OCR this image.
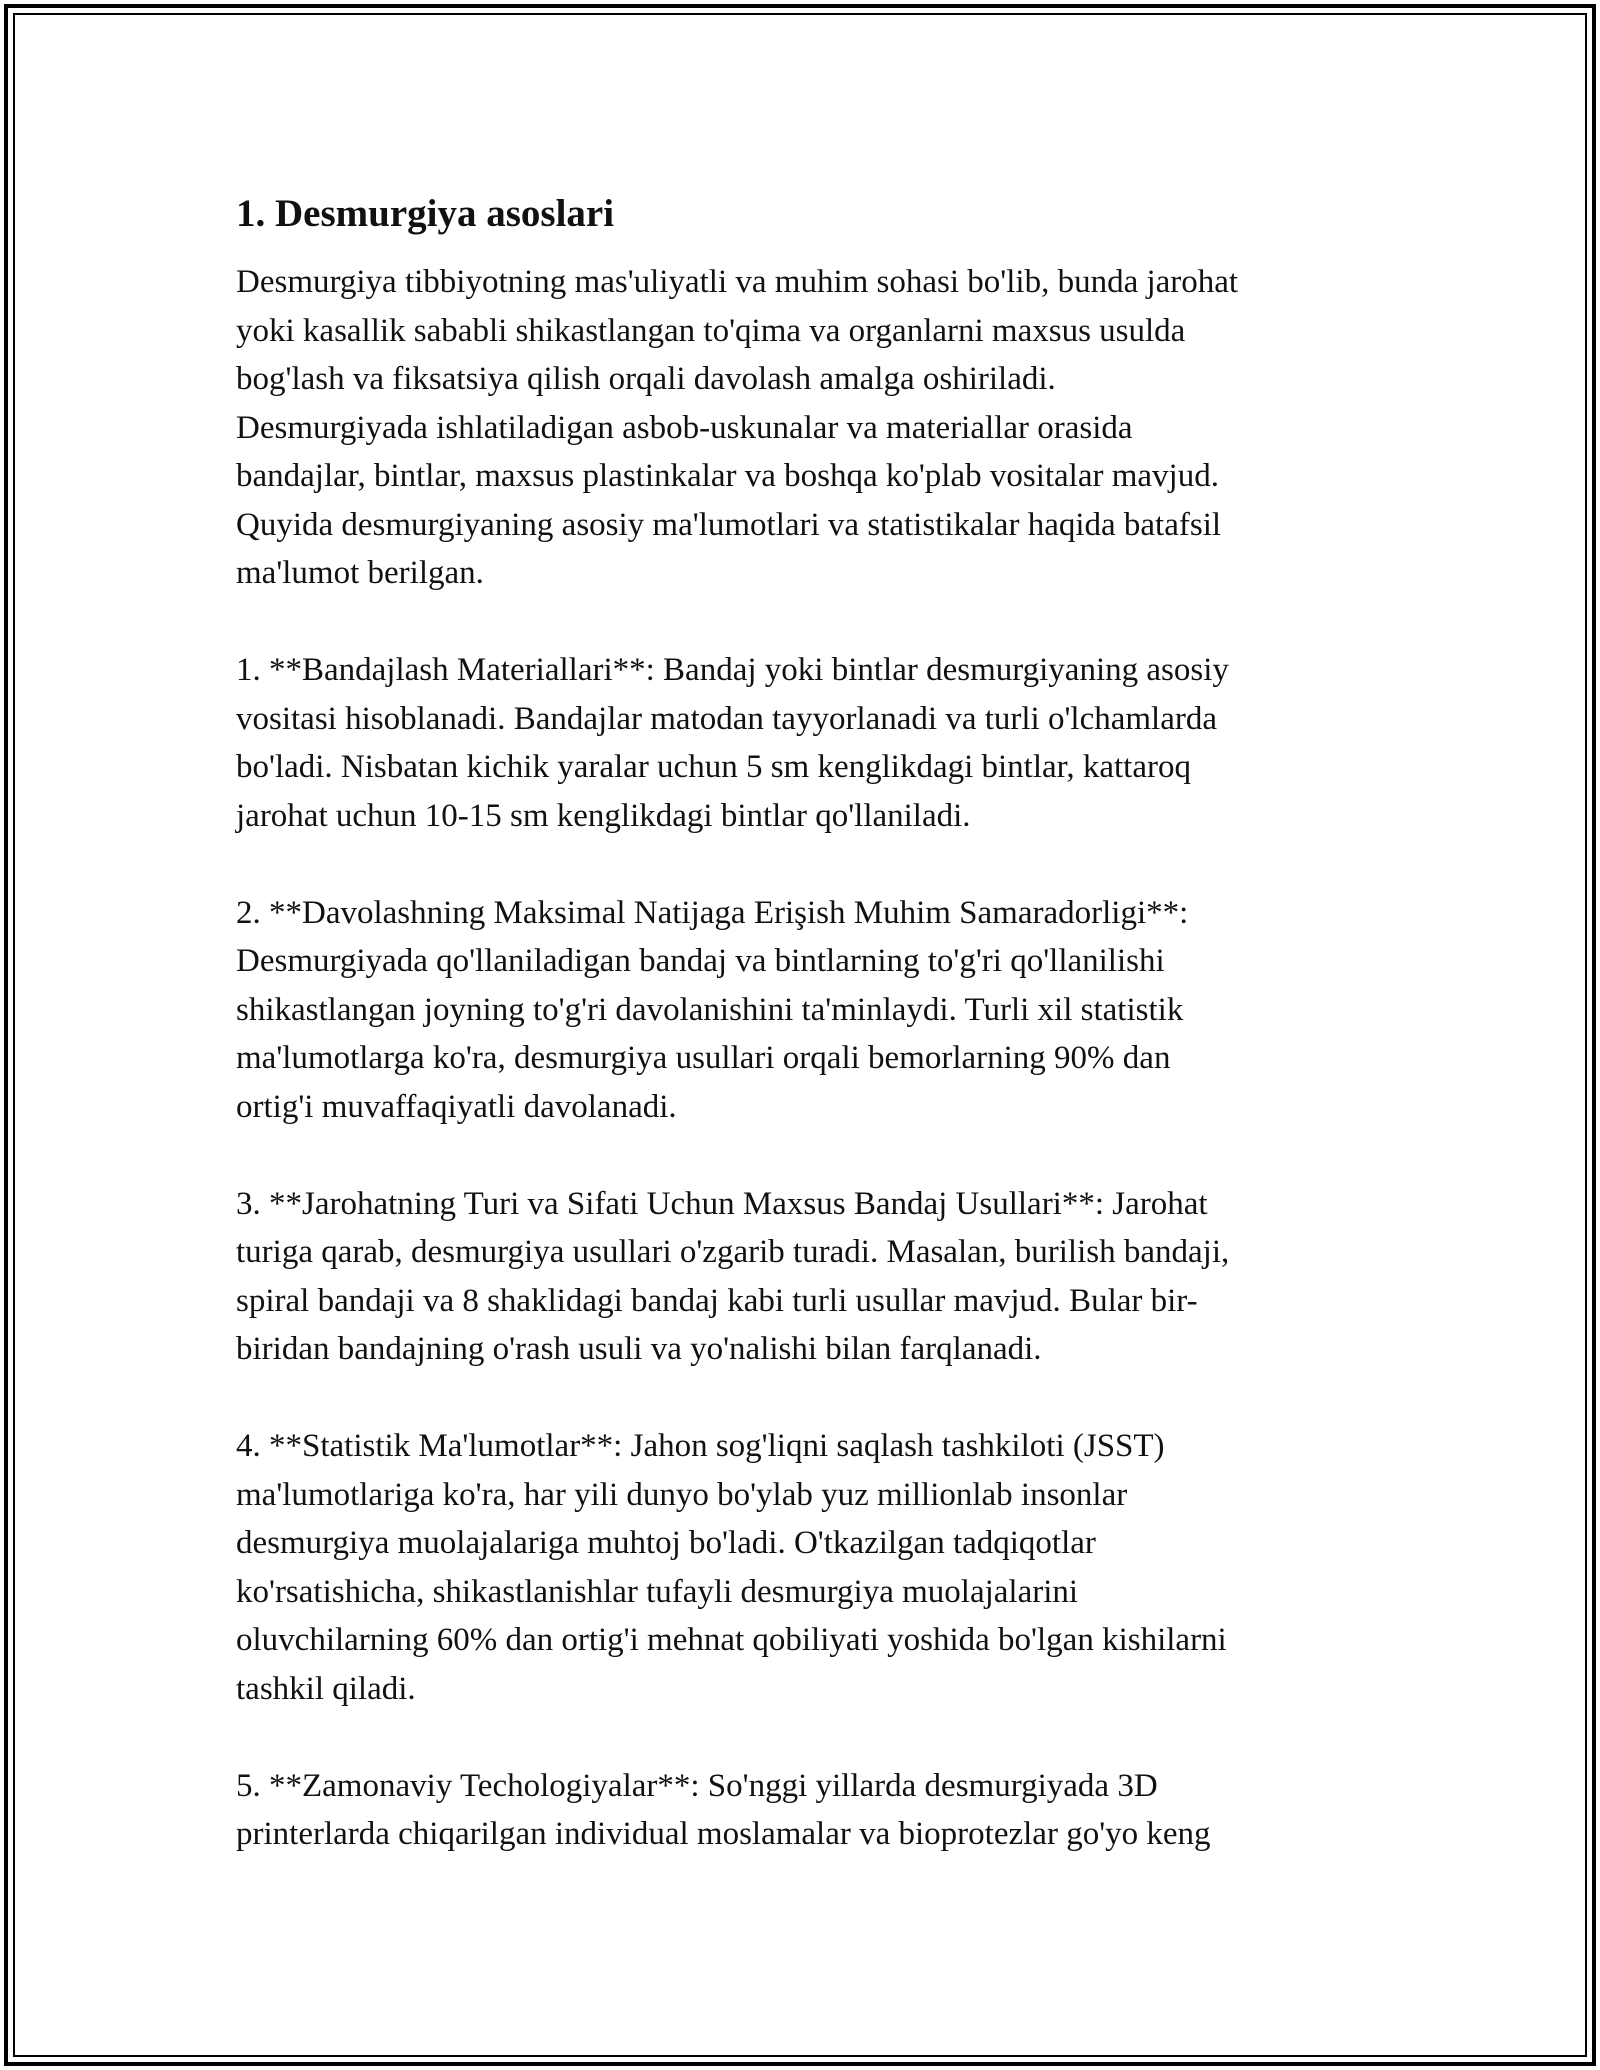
1. Desmurgiya asoslari

Desmurgiya tibbiyotning mas'uliyatli va muhim sohasi bo'lib, bunda jarohat
yoki kasallik sababli shikastlangan to'qima va organlarni maxsus usulda
bog'lash va fiksatsiya qilish orqali davolash amalga oshiriladi.
Desmurgiyada ishlatiladigan asbob-uskunalar va materiallar orasida
bandajlar, bintlar, maxsus plastinkalar va boshqa ko'plab vositalar mavjud.
Quyida desmurgiyaning asosiy ma'lumotlari va statistikalar haqida batafsil
ma'lumot berilgan.

1. **Bandajlash Materiallari**: Bandaj yoki bintlar desmurgiyaning asosiy
vositasi hisoblanadi. Bandajlar matodan tayyorlanadi va turli o'lchamlarda
bo'ladi. Nisbatan kichik yaralar uchun 5 sm kenglikdagi bintlar, kattaroq
jarohat uchun 10-15 sm kenglikdagi bintlar qo'llaniladi.

2. **Davolashning Maksimal Natijaga Erişish Muhim Samaradorligi**:
Desmurgiyada qo'llaniladigan bandaj va bintlarning to'g'ri qo'llanilishi
shikastlangan joyning to'g'ri davolanishini ta'minlaydi. Turli xil statistik
ma'lumotlarga ko'ra, desmurgiya usullari orqali bemorlarning 90% dan
ortig'i muvaffaqiyatli davolanadi.

3. **Jarohatning Turi va Sifati Uchun Maxsus Bandaj Usullari**: Jarohat
turiga qarab, desmurgiya usullari o'zgarib turadi. Masalan, burilish bandaji,
spiral bandaji va 8 shaklidagi bandaj kabi turli usullar mavjud. Bular bir-
biridan bandajning o'rash usuli va yo'nalishi bilan farqlanadi.

4. **Statistik Ma'lumotlar**: Jahon sog'liqni saqlash tashkiloti (JSST)
ma'lumotlariga ko'ra, har yili dunyo bo'ylab yuz millionlab insonlar
desmurgiya muolajalariga muhtoj bo'ladi. O'tkazilgan tadqiqotlar
ko'rsatishicha, shikastlanishlar tufayli desmurgiya muolajalarini
oluvchilarning 60% dan ortig'i mehnat qobiliyati yoshida bo'lgan kishilarni
tashkil qiladi.

5. **Zamonaviy Techologiyalar**: So'nggi yillarda desmurgiyada 3D
printerlarda chiqarilgan individual moslamalar va bioprotezlar go'yo keng
